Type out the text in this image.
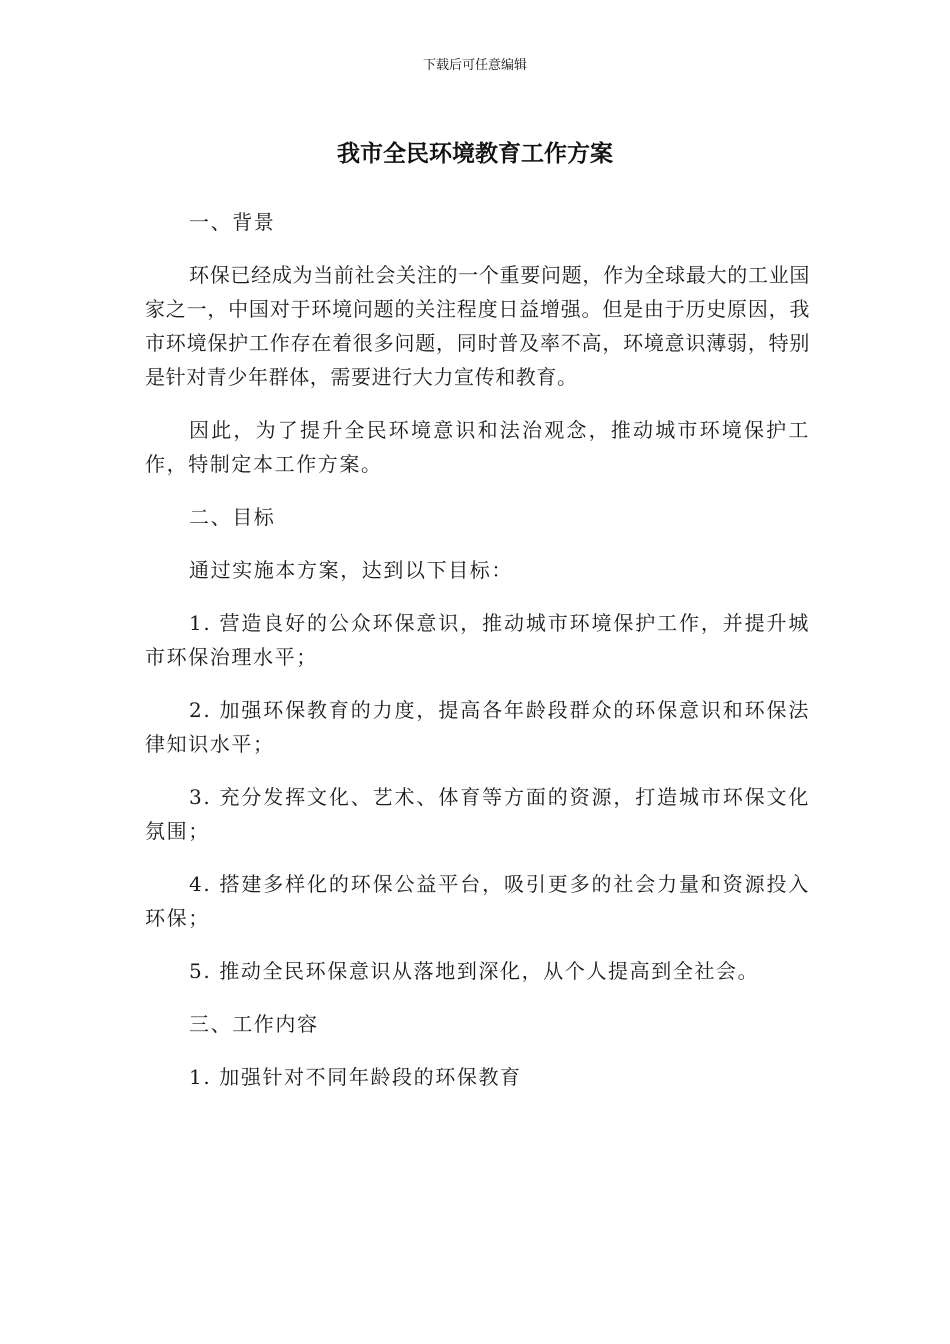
下载后可任意编辑
我市全民环境教育工作方案

一、背景

环保已经成为当前社会关注的一个重要问题，作为全球最大的工业国家之一，中国对于环境问题的关注程度日益增强。但是由于历史原因，我市环境保护工作存在着很多问题，同时普及率不高，环境意识薄弱，特别是针对青少年群体，需要进行大力宣传和教育。

因此，为了提升全民环境意识和法治观念，推动城市环境保护工作，特制定本工作方案。

二、目标

通过实施本方案，达到以下目标：

1. 营造良好的公众环保意识，推动城市环境保护工作，并提升城市环保治理水平；

2. 加强环保教育的力度，提高各年龄段群众的环保意识和环保法律知识水平；

3. 充分发挥文化、艺术、体育等方面的资源，打造城市环保文化氛围；

4. 搭建多样化的环保公益平台，吸引更多的社会力量和资源投入环保；

5. 推动全民环保意识从落地到深化，从个人提高到全社会。

三、工作内容

1. 加强针对不同年龄段的环保教育
